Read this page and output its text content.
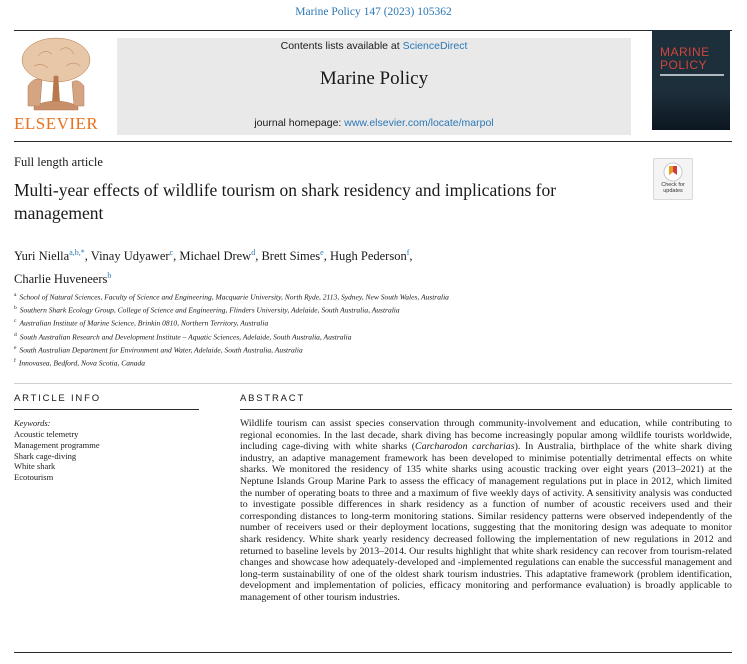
Marine Policy 147 (2023) 105362
ELSEVIER
Contents lists available at ScienceDirect
Marine Policy
journal homepage: www.elsevier.com/locate/marpol
MARINE
POLICY
Full length article
Multi-year effects of wildlife tourism on shark residency and implications for management
Check for updates
Yuri Niella$^{a,b,*}$, Vinay Udyawer$^c$, Michael Drew$^d$, Brett Simes$^e$, Hugh Pederson$^f$,
Charlie Huveneers$^b$
$^a$ School of Natural Sciences, Faculty of Science and Engineering, Macquarie University, North Ryde, 2113, Sydney, New South Wales, Australia
$^b$ Southern Shark Ecology Group, College of Science and Engineering, Flinders University, Adelaide, South Australia, Australia
$^c$ Australian Institute of Marine Science, Brinkin 0810, Northern Territory, Australia
$^d$ South Australian Research and Development Institute – Aquatic Sciences, Adelaide, South Australia, Australia
$^e$ South Australian Department for Environment and Water, Adelaide, South Australia, Australia
$^f$ Innovasea, Bedford, Nova Scotia, Canada
ARTICLE INFO
Keywords:
Acoustic telemetry
Management programme
Shark cage-diving
White shark
Ecotourism
ABSTRACT
Wildlife tourism can assist species conservation through community-involvement and education, while contributing to regional economies. In the last decade, shark diving has become increasingly popular among wildlife tourists worldwide, including cage-diving with white sharks (Carcharodon carcharias). In Australia, birthplace of the white shark diving industry, an adaptive management framework has been developed to minimise potentially detrimental effects on white sharks. We monitored the residency of 135 white sharks using acoustic tracking over eight years (2013–2021) at the Neptune Islands Group Marine Park to assess the efficacy of management regulations put in place in 2012, which limited the number of operating boats to three and a maximum of five weekly days of activity. A sensitivity analysis was conducted to investigate possible differences in shark residency as a function of number of acoustic receivers used and their corresponding distances to long-term monitoring stations. Similar residency patterns were observed independently of the number of receivers used or their deployment locations, suggesting that the monitoring design was adequate to monitor shark residency. White shark yearly residency decreased following the implementation of new regulations in 2012 and returned to baseline levels by 2013–2014. Our results highlight that white shark residency can recover from tourism-related changes and showcase how adequately-developed and -implemented regulations can enable the successful management and long-term sustainability of one of the oldest shark tourism industries. This adaptative framework (problem identification, development and implementation of policies, efficacy monitoring and performance evaluation) is broadly applicable to management of other tourism industries.
